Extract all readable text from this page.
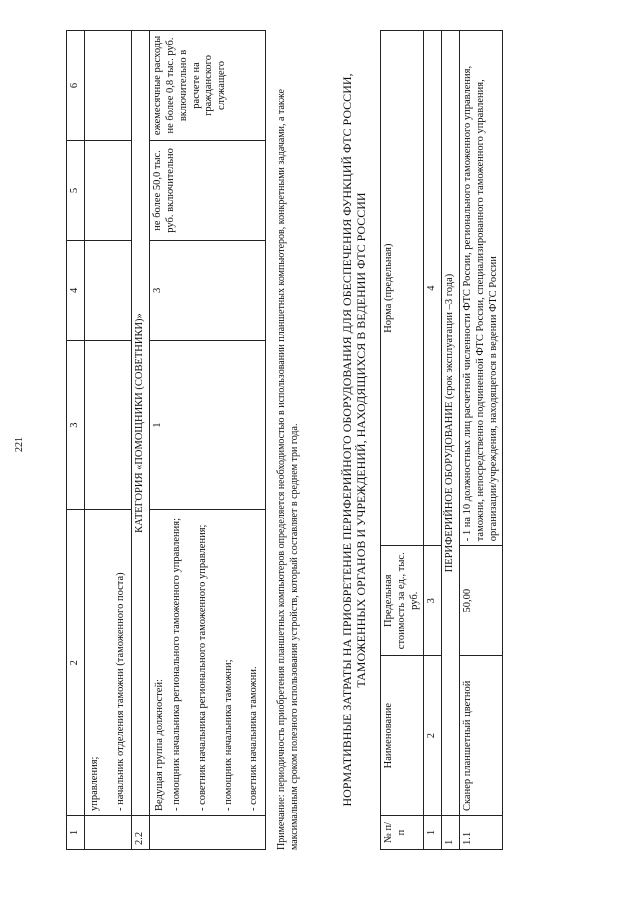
221
1	2	3	4	5	6

	управления; - начальник отделения таможни (таможенного поста)				

2.2	КАТЕГОРИЯ «ПОМОЩНИКИ (СОВЕТНИКИ)»				

	Ведущая группа должностей: - помощник начальника регионального таможенного управления; - советник начальника регионального таможенного управления; - помощник начальника таможни; - советник начальника таможни.	1	3	не более 50,0 тыс. руб. включительно	ежемесячные расходы не более 0,8 тыс. руб. включительно в расчете на гражданского служащего
Примечание: периодичность приобретения планшетных компьютеров определяется необходимостью в использовании планшетных компьютеров, конкретными задачами, а также максимальным сроком полезного использования устройств, который составляет в среднем три года.	НОРМАТИВНЫЕ ЗАТРАТЫ НА ПРИОБРЕТЕНИЕ ПЕРИФЕРИЙНОГО ОБОРУДОВАНИЯ ДЛЯ ОБЕСПЕЧЕНИЯ ФУНКЦИЙ ФТС РОССИИ, ТАМОЖЕННЫХ ОРГАНОВ И УЧРЕЖДЕНИЙ, НАХОДЯЩИХСЯ В ВЕДЕНИИ ФТС РОССИИ
№ п/п	Наименование	Предельная стоимость за ед., тыс. руб.	Норма (предельная)
1	2	3	4
1	ПЕРИФЕРИЙНОЕ ОБОРУДОВАНИЕ (срок эксплуатации –3 года)		
1.1	Сканер планшетный цветной	50,00	- 1 на 10 должностных лиц расчетной численности ФТС России, регионального таможенного управления, таможни, непосредственно подчиненной ФТС России, специализированного таможенного управления, организации/учреждения, находящегося в ведении ФТС России
